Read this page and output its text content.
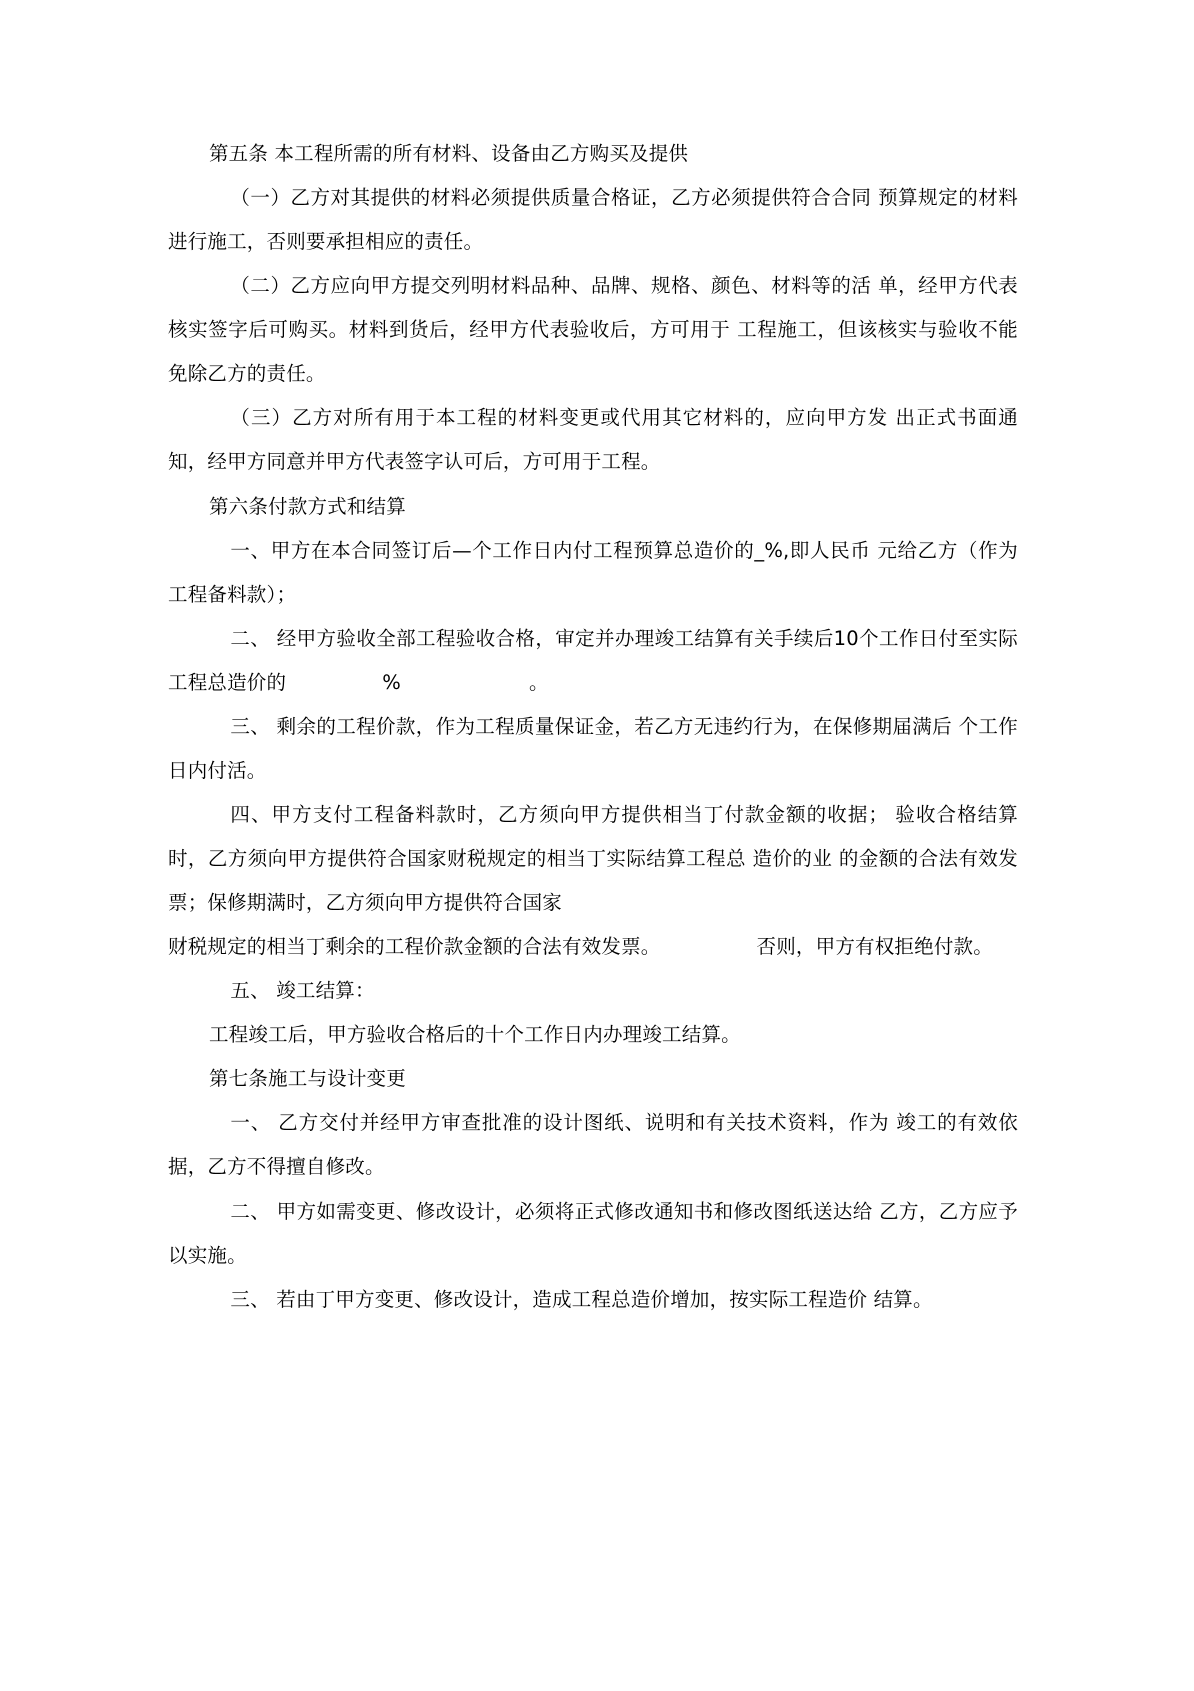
第五条 本工程所需的所有材料、设备由乙方购买及提供

（一）乙方对其提供的材料必须提供质量合格证，乙方必须提供符合合同 预算规定的材料进行施工，否则要承担相应的责任。

（二）乙方应向甲方提交列明材料品种、品牌、规格、颜色、材料等的活 单，经甲方代表核实签字后可购买。材料到货后，经甲方代表验收后，方可用于 工程施工，但该核实与验收不能免除乙方的责任。

（三）乙方对所有用于本工程的材料变更或代用其它材料的，应向甲方发 出正式书面通知，经甲方同意并甲方代表签字认可后，方可用于工程。

第六条付款方式和结算

一、甲方在本合同签订后—个工作日内付工程预算总造价的_%,即人民币 元给乙方（作为工程备料款）；

二、 经甲方验收全部工程验收合格，审定并办理竣工结算有关手续后10个工作日付至实际工程总造价的	%	。

三、 剩余的工程价款，作为工程质量保证金，若乙方无违约行为，在保修期届满后 个工作日内付活。

四、甲方支付工程备料款时，乙方须向甲方提供相当丁付款金额的收据； 验收合格结算时，乙方须向甲方提供符合国家财税规定的相当丁实际结算工程总 造价的业 的金额的合法有效发票；保修期满时，乙方须向甲方提供符合国家

财税规定的相当丁剩余的工程价款金额的合法有效发票。	否则，甲方有权拒绝付款。

五、 竣工结算：

工程竣工后，甲方验收合格后的十个工作日内办理竣工结算。

第七条施工与设计变更

一、 乙方交付并经甲方审查批准的设计图纸、说明和有关技术资料，作为 竣工的有效依据，乙方不得擅自修改。

二、 甲方如需变更、修改设计，必须将正式修改通知书和修改图纸送达给 乙方，乙方应予以实施。

三、 若由丁甲方变更、修改设计，造成工程总造价增加，按实际工程造价 结算。
